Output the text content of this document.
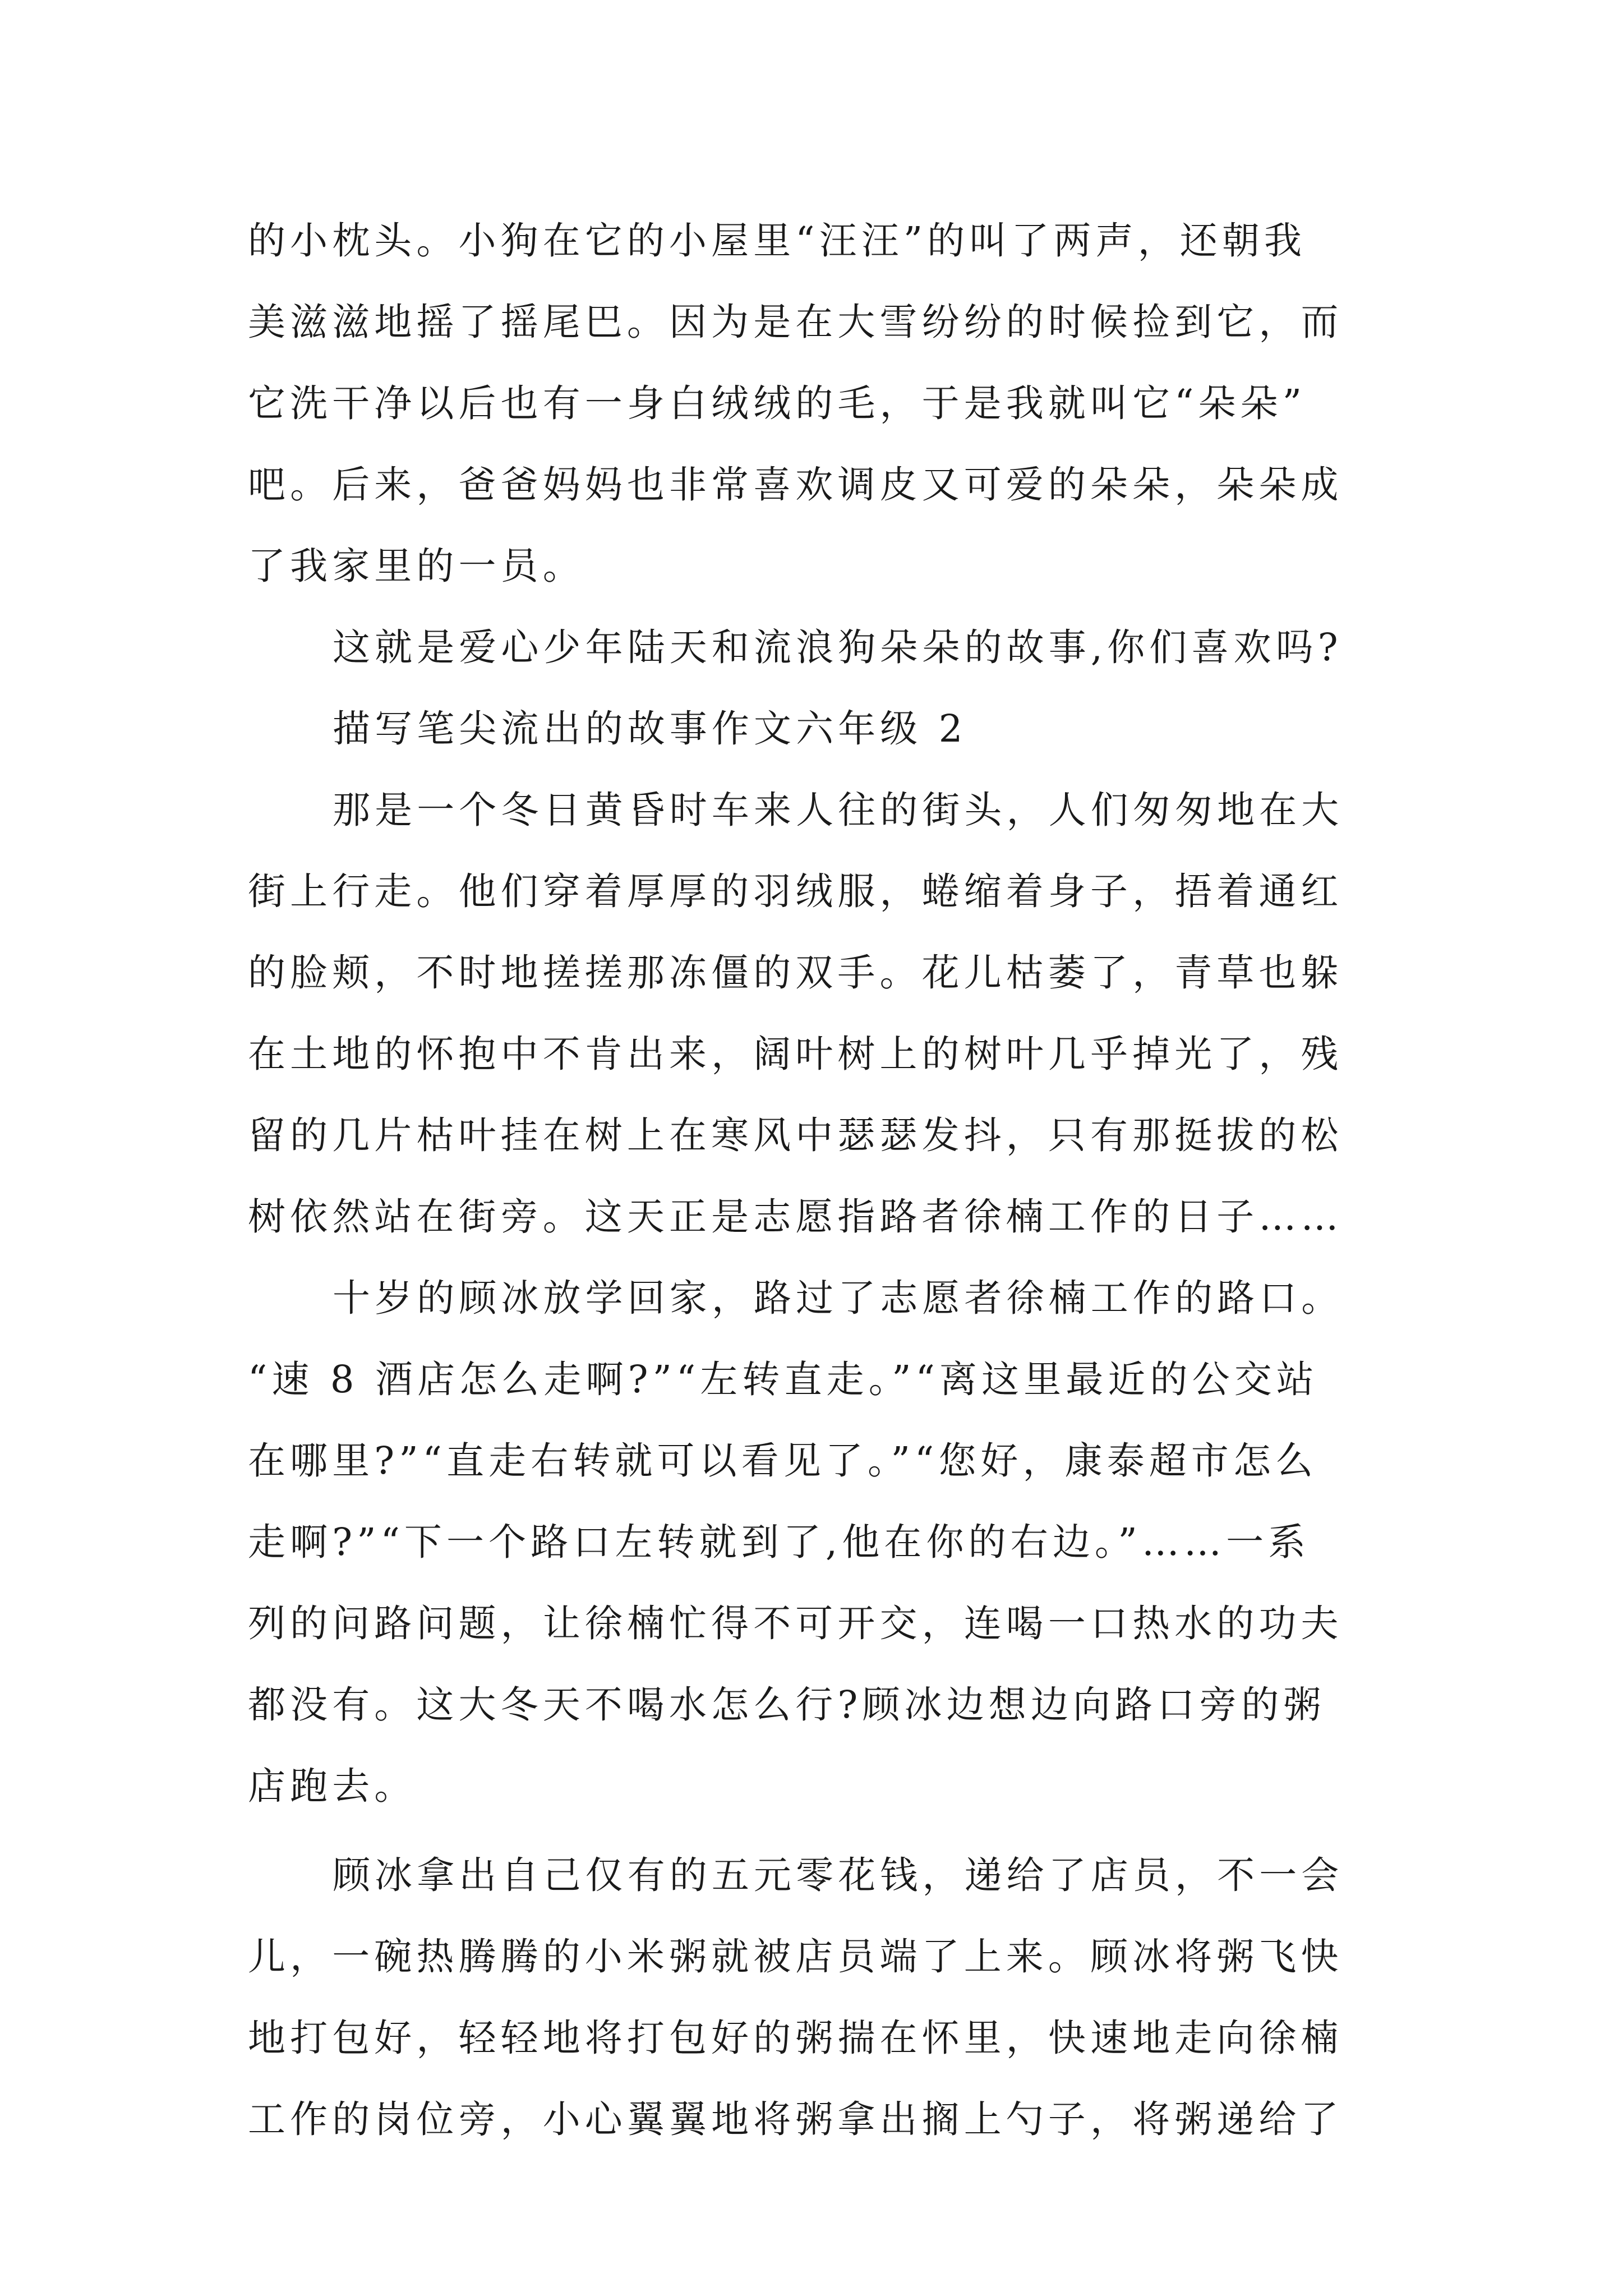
的小枕头。小狗在它的小屋里“汪汪”的叫了两声，还朝我
美滋滋地摇了摇尾巴。因为是在大雪纷纷的时候捡到它，而
它洗干净以后也有一身白绒绒的毛，于是我就叫它“朵朵”
吧。后来，爸爸妈妈也非常喜欢调皮又可爱的朵朵，朵朵成
了我家里的一员。
这就是爱心少年陆天和流浪狗朵朵的故事,你们喜欢吗?
描写笔尖流出的故事作文六年级 2
那是一个冬日黄昏时车来人往的街头，人们匆匆地在大
街上行走。他们穿着厚厚的羽绒服，蜷缩着身子，捂着通红
的脸颊，不时地搓搓那冻僵的双手。花儿枯萎了，青草也躲
在土地的怀抱中不肯出来，阔叶树上的树叶几乎掉光了，残
留的几片枯叶挂在树上在寒风中瑟瑟发抖，只有那挺拔的松
树依然站在街旁。这天正是志愿指路者徐楠工作的日子……
十岁的顾冰放学回家，路过了志愿者徐楠工作的路口。
“速 8 酒店怎么走啊?”“左转直走。”“离这里最近的公交站
在哪里?”“直走右转就可以看见了。”“您好，康泰超市怎么
走啊?”“下一个路口左转就到了,他在你的右边。”……一系
列的问路问题，让徐楠忙得不可开交，连喝一口热水的功夫
都没有。这大冬天不喝水怎么行?顾冰边想边向路口旁的粥
店跑去。
顾冰拿出自己仅有的五元零花钱，递给了店员，不一会
儿，一碗热腾腾的小米粥就被店员端了上来。顾冰将粥飞快
地打包好，轻轻地将打包好的粥揣在怀里，快速地走向徐楠
工作的岗位旁，小心翼翼地将粥拿出搁上勺子，将粥递给了
